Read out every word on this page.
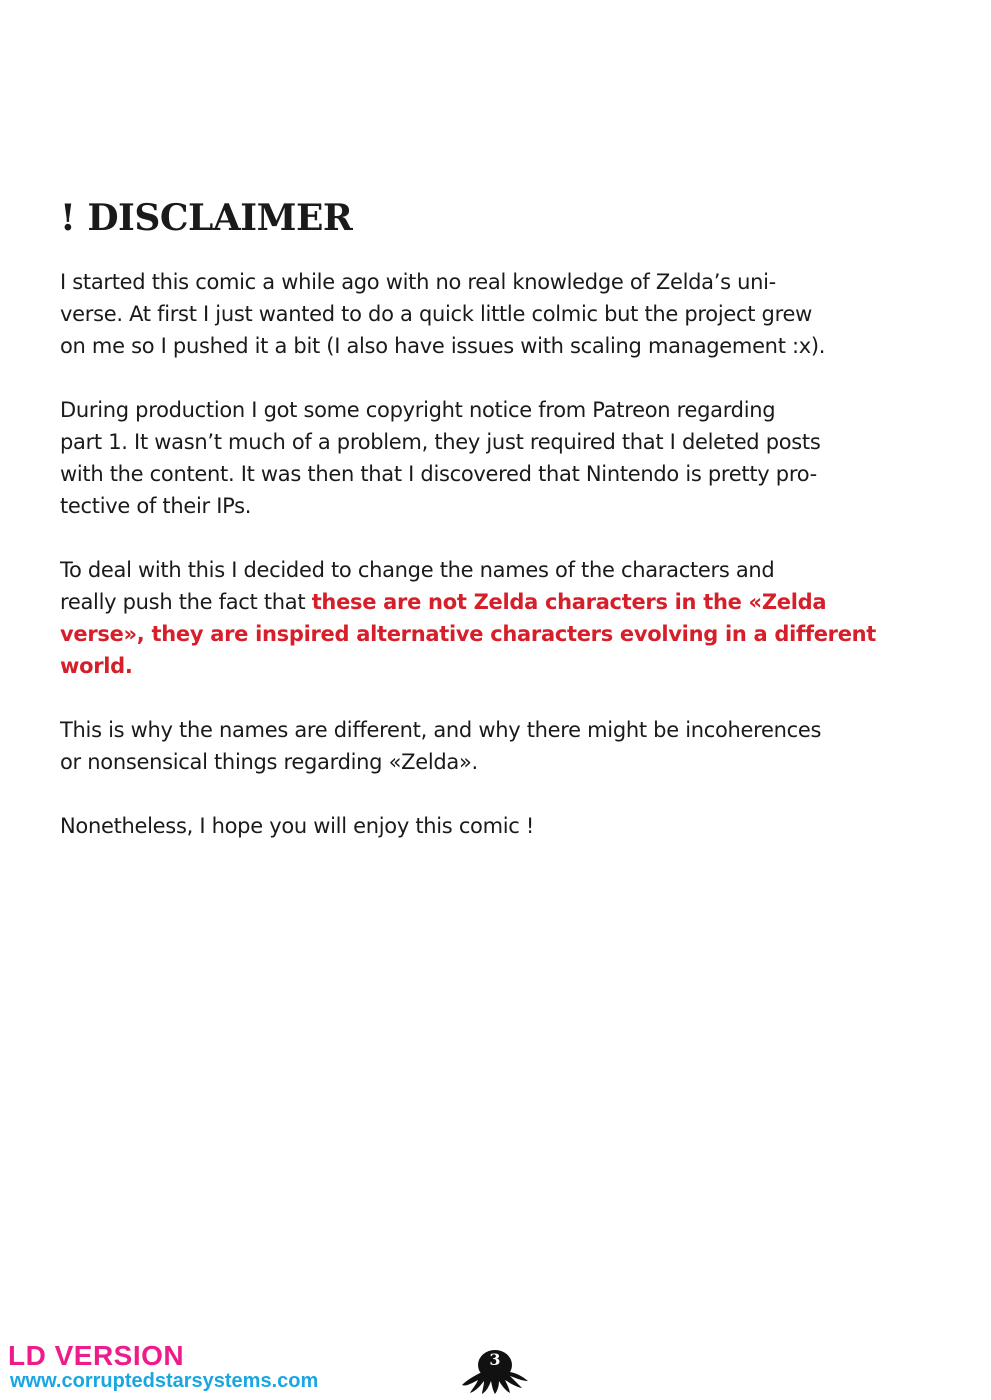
! DISCLAIMER

I started this comic a while ago with no real knowledge of Zelda’s uni-
verse. At first I just wanted to do a quick little colmic but the project grew
on me so I pushed it a bit (I also have issues with scaling management :x).

During production I got some copyright notice from Patreon regarding
part 1. It wasn’t much of a problem, they just required that I deleted posts
with the content. It was then that I discovered that Nintendo is pretty pro-
tective of their IPs.

To deal with this I decided to change the names of the characters and
really push the fact that these are not Zelda characters in the «Zelda
verse», they are inspired alternative characters evolving in a different
world.

This is why the names are different, and why there might be incoherences
or nonsensical things regarding «Zelda».

Nonetheless, I hope you will enjoy this comic !

LD VERSION
www.corruptedstarsystems.com
3
